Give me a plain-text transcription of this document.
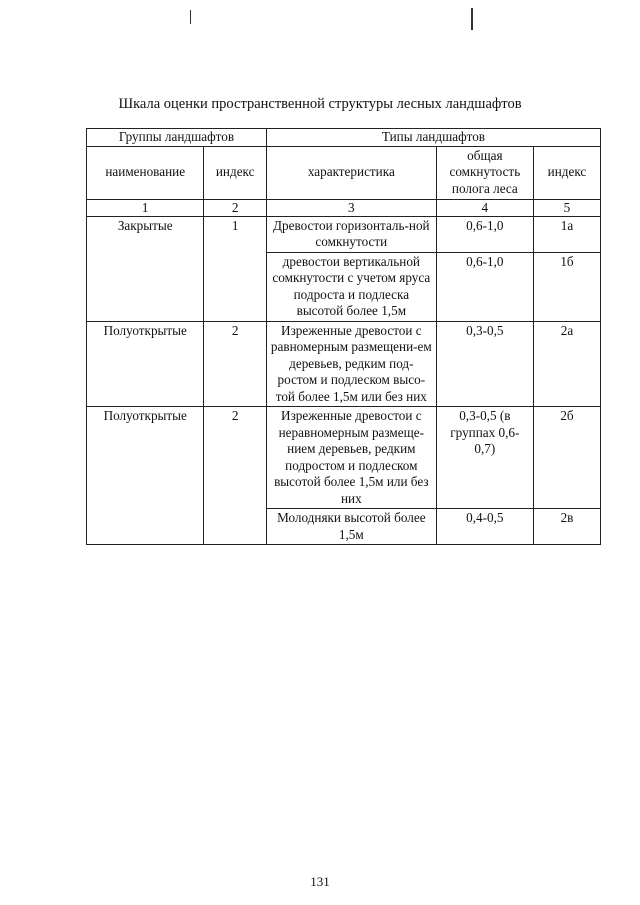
Шкала оценки пространственной структуры лесных ландшафтов
Группы ландшафтов		Типы ландшафтов		
наименование	индекс	характеристика	общая сомкнутость полога леса	индекс
1	2	3	4	5
Закрытые	1	Древостои горизонталь-ной сомкнутости	0,6-1,0	1а
		древостои вертикальной сомкнутости с учетом яруса подроста и подлеска высотой более 1,5м	0,6-1,0	1б
Полуоткрытые	2	Изреженные древостои с равномерным размещени-ем деревьев, редким под-ростом и подлеском высо-той более 1,5м или без них	0,3-0,5	2а
Полуоткрытые	2	Изреженные древостои с неравномерным размеще-нием деревьев, редким подростом и подлеском высотой более 1,5м или без них	0,3-0,5 (в группах 0,6-0,7)	2б
		Молодняки высотой более 1,5м	0,4-0,5	2в
131
